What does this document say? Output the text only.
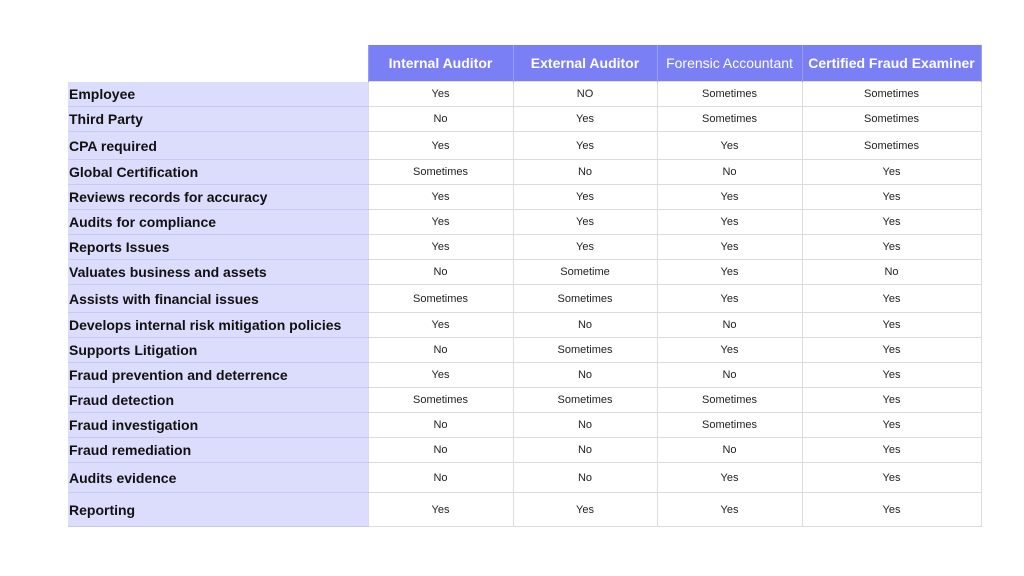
	Internal Auditor	External Auditor	Forensic Accountant	Certified Fraud Examiner
Employee	Yes	NO	Sometimes	Sometimes
Third Party	No	Yes	Sometimes	Sometimes
CPA required	Yes	Yes	Yes	Sometimes
Global Certification	Sometimes	No	No	Yes
Reviews records for accuracy	Yes	Yes	Yes	Yes
Audits for compliance	Yes	Yes	Yes	Yes
Reports Issues	Yes	Yes	Yes	Yes
Valuates business and assets	No	Sometime	Yes	No
Assists with financial issues	Sometimes	Sometimes	Yes	Yes
Develops internal risk mitigation policies	Yes	No	No	Yes
Supports Litigation	No	Sometimes	Yes	Yes
Fraud prevention and deterrence	Yes	No	No	Yes
Fraud detection	Sometimes	Sometimes	Sometimes	Yes
Fraud investigation	No	No	Sometimes	Yes
Fraud remediation	No	No	No	Yes
Audits evidence	No	No	Yes	Yes
Reporting	Yes	Yes	Yes	Yes
